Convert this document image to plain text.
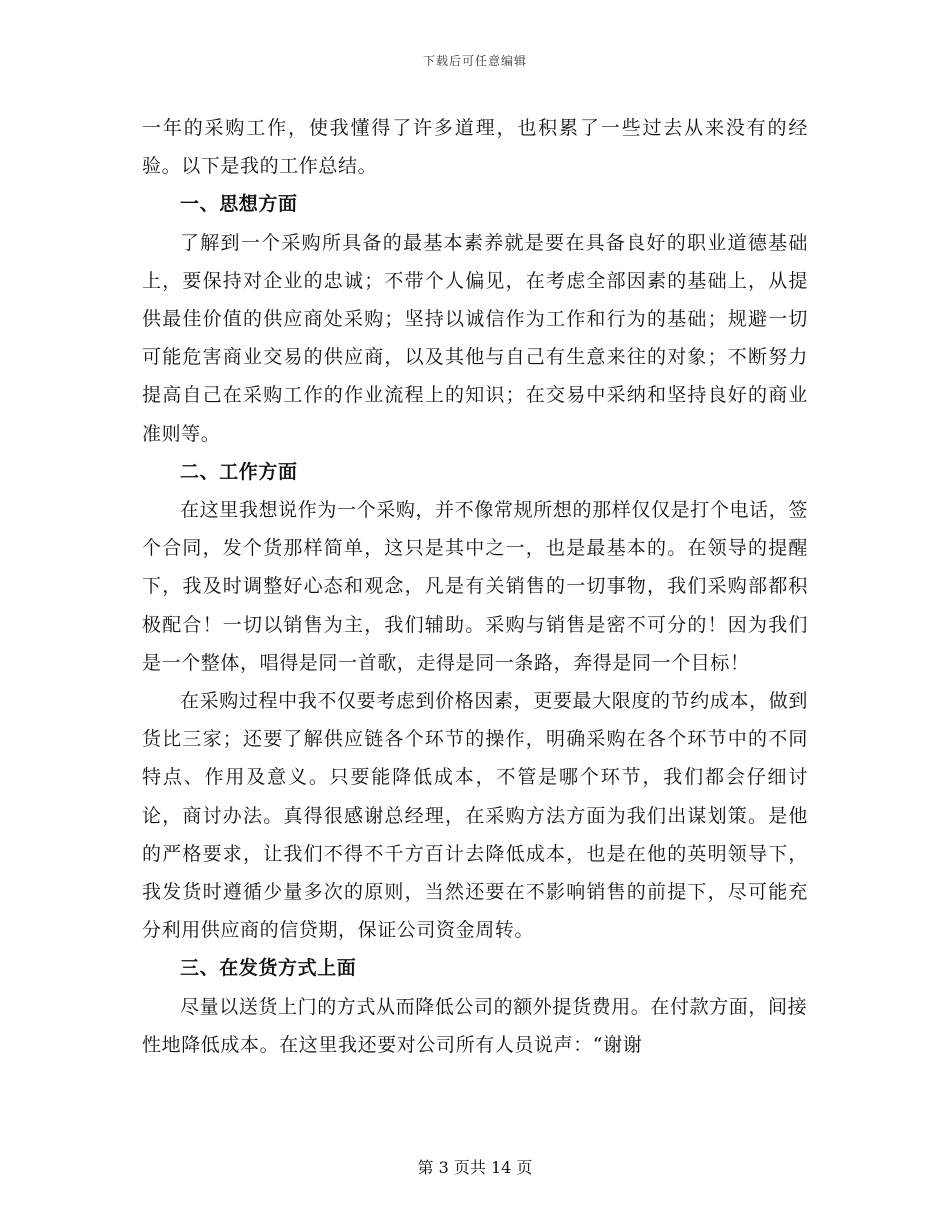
下载后可任意编辑

一年的采购工作，使我懂得了许多道理，也积累了一些过去从来没有的经验。以下是我的工作总结。

一、思想方面

了解到一个采购所具备的最基本素养就是要在具备良好的职业道德基础上，要保持对企业的忠诚；不带个人偏见，在考虑全部因素的基础上，从提供最佳价值的供应商处采购；坚持以诚信作为工作和行为的基础；规避一切可能危害商业交易的供应商，以及其他与自己有生意来往的对象；不断努力提高自己在采购工作的作业流程上的知识；在交易中采纳和坚持良好的商业准则等。

二、工作方面

在这里我想说作为一个采购，并不像常规所想的那样仅仅是打个电话，签个合同，发个货那样简单，这只是其中之一，也是最基本的。在领导的提醒下，我及时调整好心态和观念，凡是有关销售的一切事物，我们采购部都积极配合！一切以销售为主，我们辅助。采购与销售是密不可分的！因为我们是一个整体，唱得是同一首歌，走得是同一条路，奔得是同一个目标！

在采购过程中我不仅要考虑到价格因素，更要最大限度的节约成本，做到货比三家；还要了解供应链各个环节的操作，明确采购在各个环节中的不同特点、作用及意义。只要能降低成本，不管是哪个环节，我们都会仔细讨论，商讨办法。真得很感谢总经理，在采购方法方面为我们出谋划策。是他的严格要求，让我们不得不千方百计去降低成本，也是在他的英明领导下，我发货时遵循少量多次的原则，当然还要在不影响销售的前提下，尽可能充分利用供应商的信贷期，保证公司资金周转。

三、在发货方式上面

尽量以送货上门的方式从而降低公司的额外提货费用。在付款方面，间接性地降低成本。在这里我还要对公司所有人员说声：“谢谢

第 3 页共 14 页
